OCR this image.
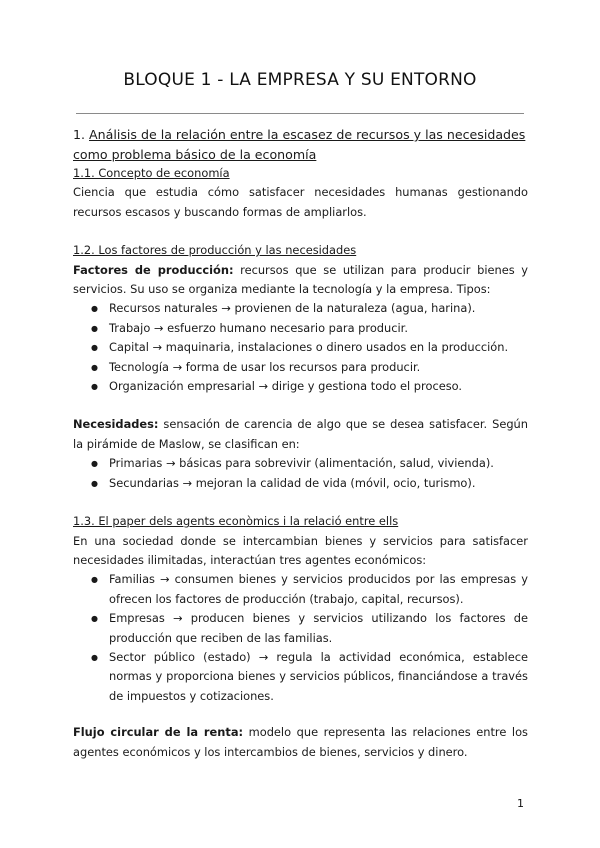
BLOQUE 1 - LA EMPRESA Y SU ENTORNO

1. Análisis de la relación entre la escasez de recursos y las necesidades como problema básico de la economía

1.1. Concepto de economía

Ciencia que estudia cómo satisfacer necesidades humanas gestionando recursos escasos y buscando formas de ampliarlos.

1.2. Los factores de producción y las necesidades

Factores de producción: recursos que se utilizan para producir bienes y servicios. Su uso se organiza mediante la tecnología y la empresa. Tipos:

● Recursos naturales → provienen de la naturaleza (agua, harina).
● Trabajo → esfuerzo humano necesario para producir.
● Capital → maquinaria, instalaciones o dinero usados en la producción.
● Tecnología → forma de usar los recursos para producir.
● Organización empresarial → dirige y gestiona todo el proceso.

Necesidades: sensación de carencia de algo que se desea satisfacer. Según la pirámide de Maslow, se clasifican en:

● Primarias → básicas para sobrevivir (alimentación, salud, vivienda).
● Secundarias → mejoran la calidad de vida (móvil, ocio, turismo).

1.3. El paper dels agents econòmics i la relació entre ells

En una sociedad donde se intercambian bienes y servicios para satisfacer necesidades ilimitadas, interactúan tres agentes económicos:

● Familias → consumen bienes y servicios producidos por las empresas y ofrecen los factores de producción (trabajo, capital, recursos).
● Empresas → producen bienes y servicios utilizando los factores de producción que reciben de las familias.
● Sector público (estado) → regula la actividad económica, establece normas y proporciona bienes y servicios públicos, financiándose a través de impuestos y cotizaciones.

Flujo circular de la renta: modelo que representa las relaciones entre los agentes económicos y los intercambios de bienes, servicios y dinero.

1
